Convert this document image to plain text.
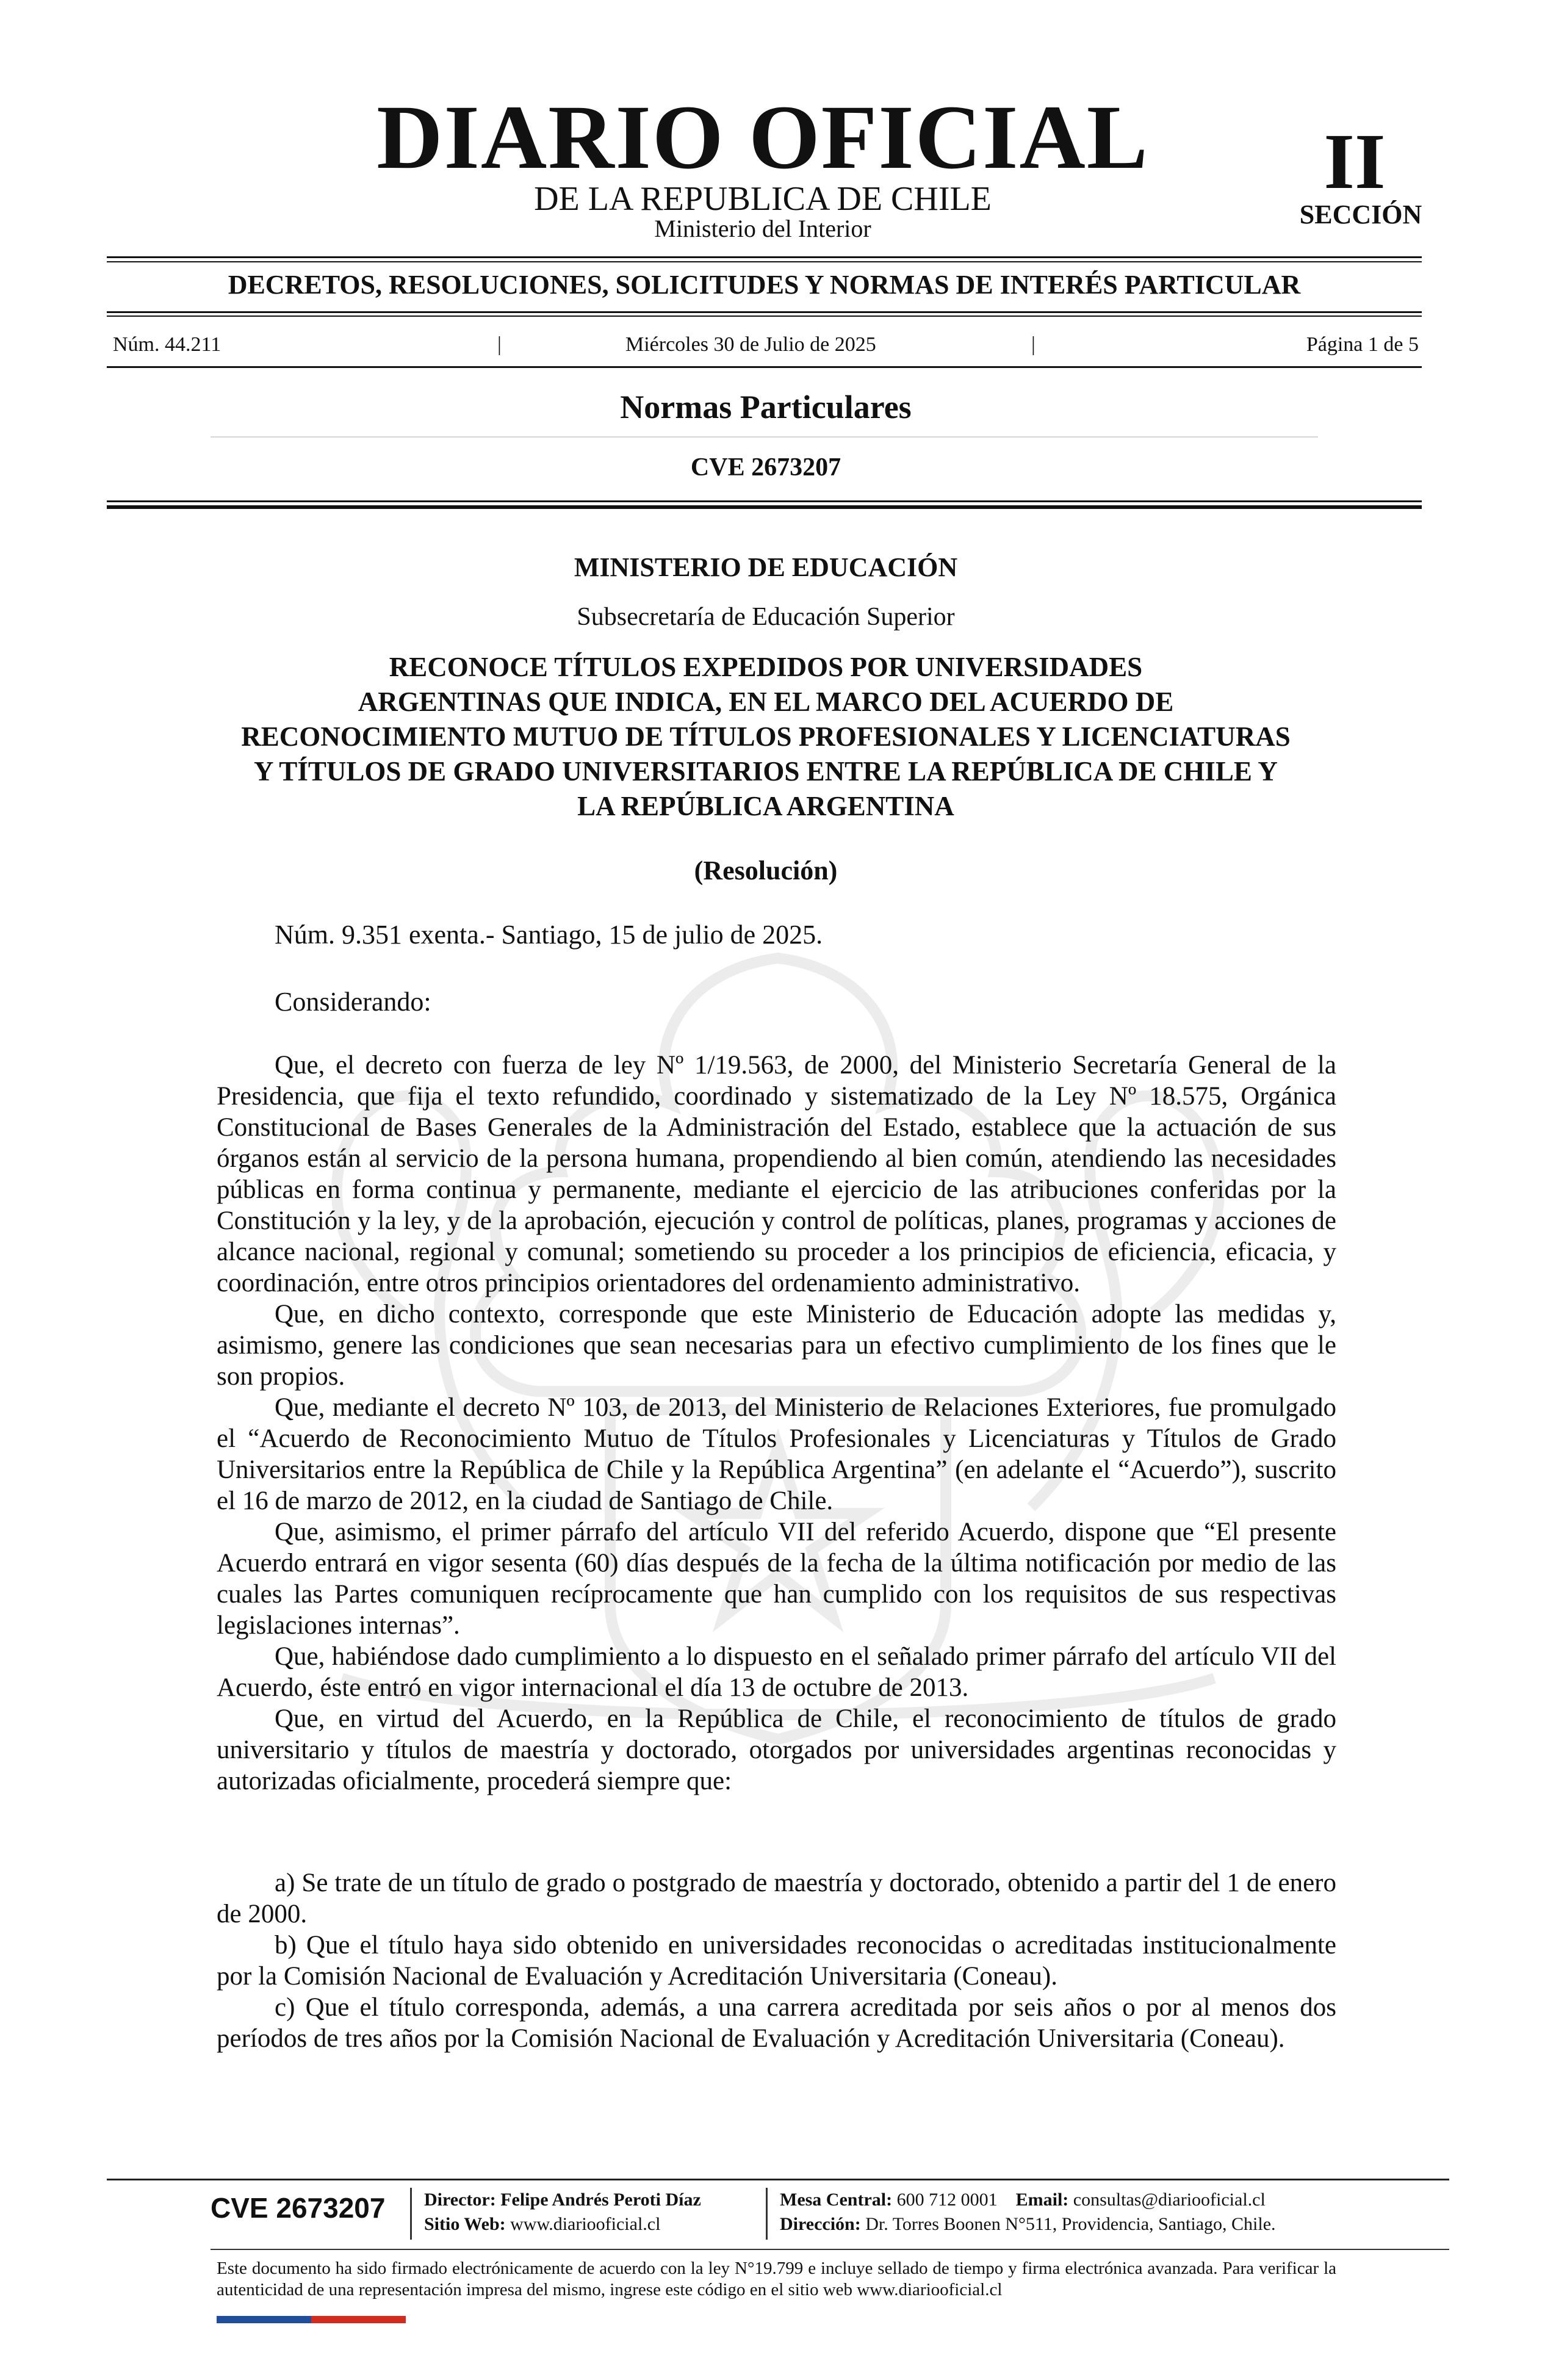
DIARIO OFICIAL
DE LA REPUBLICA DE CHILE
Ministerio del Interior
II
SECCIÓN
DECRETOS, RESOLUCIONES, SOLICITUDES Y NORMAS DE INTERÉS PARTICULAR
Núm. 44.211	|	Miércoles 30 de Julio de 2025	|	Página 1 de 5
Normas Particulares
CVE 2673207
MINISTERIO DE EDUCACIÓN
Subsecretaría de Educación Superior
RECONOCE TÍTULOS EXPEDIDOS POR UNIVERSIDADES
ARGENTINAS QUE INDICA, EN EL MARCO DEL ACUERDO DE
RECONOCIMIENTO MUTUO DE TÍTULOS PROFESIONALES Y LICENCIATURAS
Y TÍTULOS DE GRADO UNIVERSITARIOS ENTRE LA REPÚBLICA DE CHILE Y
LA REPÚBLICA ARGENTINA
(Resolución)
Núm. 9.351 exenta.- Santiago, 15 de julio de 2025.
Considerando:

Que, el decreto con fuerza de ley Nº 1/19.563, de 2000, del Ministerio Secretaría General de la Presidencia, que fija el texto refundido, coordinado y sistematizado de la Ley Nº 18.575, Orgánica Constitucional de Bases Generales de la Administración del Estado, establece que la actuación de sus órganos están al servicio de la persona humana, propendiendo al bien común, atendiendo las necesidades públicas en forma continua y permanente, mediante el ejercicio de las atribuciones conferidas por la Constitución y la ley, y de la aprobación, ejecución y control de políticas, planes, programas y acciones de alcance nacional, regional y comunal; sometiendo su proceder a los principios de eficiencia, eficacia, y coordinación, entre otros principios orientadores del ordenamiento administrativo.

Que, en dicho contexto, corresponde que este Ministerio de Educación adopte las medidas y, asimismo, genere las condiciones que sean necesarias para un efectivo cumplimiento de los fines que le son propios.

Que, mediante el decreto Nº 103, de 2013, del Ministerio de Relaciones Exteriores, fue promulgado el “Acuerdo de Reconocimiento Mutuo de Títulos Profesionales y Licenciaturas y Títulos de Grado Universitarios entre la República de Chile y la República Argentina” (en adelante el “Acuerdo”), suscrito el 16 de marzo de 2012, en la ciudad de Santiago de Chile.

Que, asimismo, el primer párrafo del artículo VII del referido Acuerdo, dispone que “El presente Acuerdo entrará en vigor sesenta (60) días después de la fecha de la última notificación por medio de las cuales las Partes comuniquen recíprocamente que han cumplido con los requisitos de sus respectivas legislaciones internas”.

Que, habiéndose dado cumplimiento a lo dispuesto en el señalado primer párrafo del artículo VII del Acuerdo, éste entró en vigor internacional el día 13 de octubre de 2013.

Que, en virtud del Acuerdo, en la República de Chile, el reconocimiento de títulos de grado universitario y títulos de maestría y doctorado, otorgados por universidades argentinas reconocidas y autorizadas oficialmente, procederá siempre que:

a) Se trate de un título de grado o postgrado de maestría y doctorado, obtenido a partir del 1 de enero de 2000.

b) Que el título haya sido obtenido en universidades reconocidas o acreditadas institucionalmente por la Comisión Nacional de Evaluación y Acreditación Universitaria (Coneau).

c) Que el título corresponda, además, a una carrera acreditada por seis años o por al menos dos períodos de tres años por la Comisión Nacional de Evaluación y Acreditación Universitaria (Coneau).

CVE 2673207 Director: Felipe Andrés Peroti Díaz
Sitio Web: www.diariooficial.cl
Mesa Central: 600 712 0001 Email: consultas@diariooficial.cl
Dirección: Dr. Torres Boonen N°511, Providencia, Santiago, Chile.
Este documento ha sido firmado electrónicamente de acuerdo con la ley N°19.799 e incluye sellado de tiempo y firma electrónica avanzada. Para verificar la autenticidad de una representación impresa del mismo, ingrese este código en el sitio web www.diariooficial.cl
